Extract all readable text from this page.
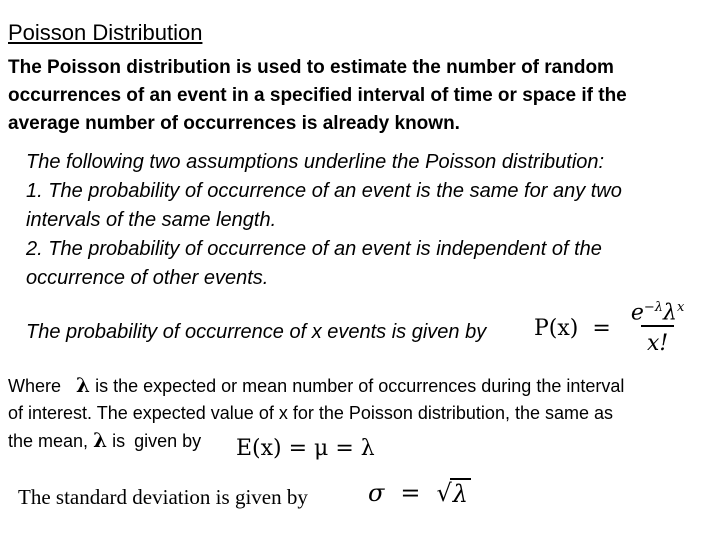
Poisson Distribution
The Poisson distribution is used to estimate the number of random
occurrences of an event in a specified interval of time or space if the
average number of occurrences is already known.
The following two assumptions underline the Poisson distribution:
1. The probability of occurrence of an event is the same for any two
intervals of the same length.
2. The probability of occurrence of an event is independent of the
occurrence of other events.
The probability of occurrence of x events is given by $P(x) = \frac{e^{-\lambda}\lambda^x}{x!}$
Where λ is the expected or mean number of occurrences during the interval
of interest. The expected value of x for the Poisson distribution, the same as
the mean, λ is given by	E(x) = μ = λ
The standard deviation is given by	σ = √ λ
